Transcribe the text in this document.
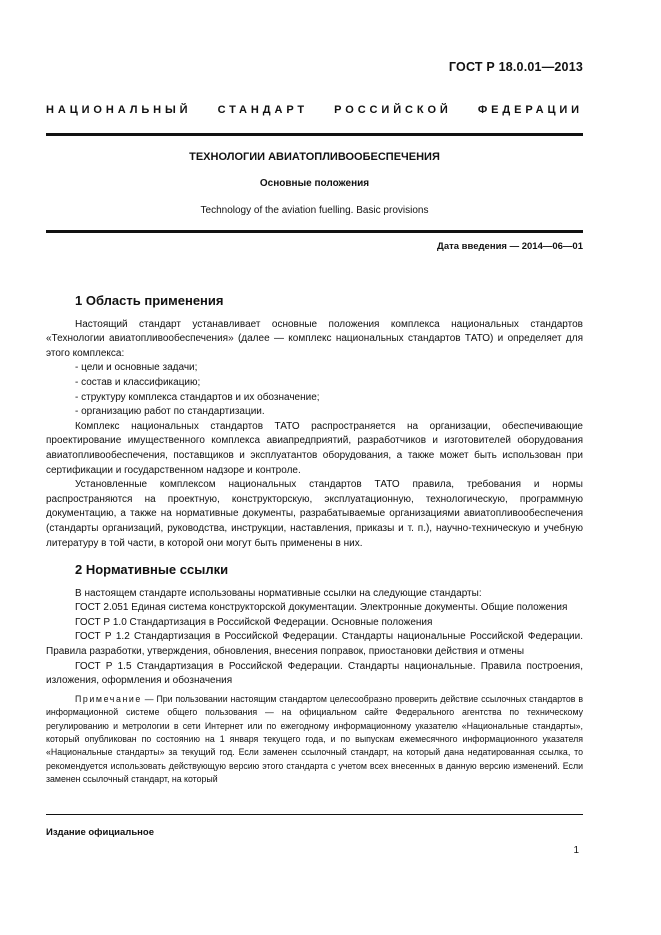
ГОСТ Р 18.0.01—2013
НАЦИОНАЛЬНЫЙ СТАНДАРТ РОССИЙСКОЙ ФЕДЕРАЦИИ
ТЕХНОЛОГИИ АВИАТОПЛИВООБЕСПЕЧЕНИЯ
Основные положения
Technology of the aviation fuelling. Basic provisions
Дата введения — 2014—06—01
1 Область применения

Настоящий стандарт устанавливает основные положения комплекса национальных стандартов «Технологии авиатопливообеспечения» (далее — комплекс национальных стандартов ТАТО) и определяет для этого комплекса:

- цели и основные задачи;
- состав и классификацию;
- структуру комплекса стандартов и их обозначение;
- организацию работ по стандартизации.

Комплекс национальных стандартов ТАТО распространяется на организации, обеспечивающие проектирование имущественного комплекса авиапредприятий, разработчиков и изготовителей оборудования авиатопливообеспечения, поставщиков и эксплуатантов оборудования, а также может быть использован при сертификации и государственном надзоре и контроле.

Установленные комплексом национальных стандартов ТАТО правила, требования и нормы распространяются на проектную, конструкторскую, эксплуатационную, технологическую, программную документацию, а также на нормативные документы, разрабатываемые организациями авиатопливообеспечения (стандарты организаций, руководства, инструкции, наставления, приказы и т. п.), научно-техническую и учебную литературу в той части, в которой они могут быть применены в них.

2 Нормативные ссылки

В настоящем стандарте использованы нормативные ссылки на следующие стандарты:

ГОСТ 2.051 Единая система конструкторской документации. Электронные документы. Общие положения

ГОСТ Р 1.0 Стандартизация в Российской Федерации. Основные положения

ГОСТ Р 1.2 Стандартизация в Российской Федерации. Стандарты национальные Российской Федерации. Правила разработки, утверждения, обновления, внесения поправок, приостановки действия и отмены

ГОСТ Р 1.5 Стандартизация в Российской Федерации. Стандарты национальные. Правила построения, изложения, оформления и обозначения

Примечание — При пользовании настоящим стандартом целесообразно проверить действие ссылочных стандартов в информационной системе общего пользования — на официальном сайте Федерального агентства по техническому регулированию и метрологии в сети Интернет или по ежегодному информационному указателю «Национальные стандарты», который опубликован по состоянию на 1 января текущего года, и по выпускам ежемесячного информационного указателя «Национальные стандарты» за текущий год. Если заменен ссылочный стандарт, на который дана недатированная ссылка, то рекомендуется использовать действующую версию этого стандарта с учетом всех внесенных в данную версию изменений. Если заменен ссылочный стандарт, на который

Издание официальное
1
